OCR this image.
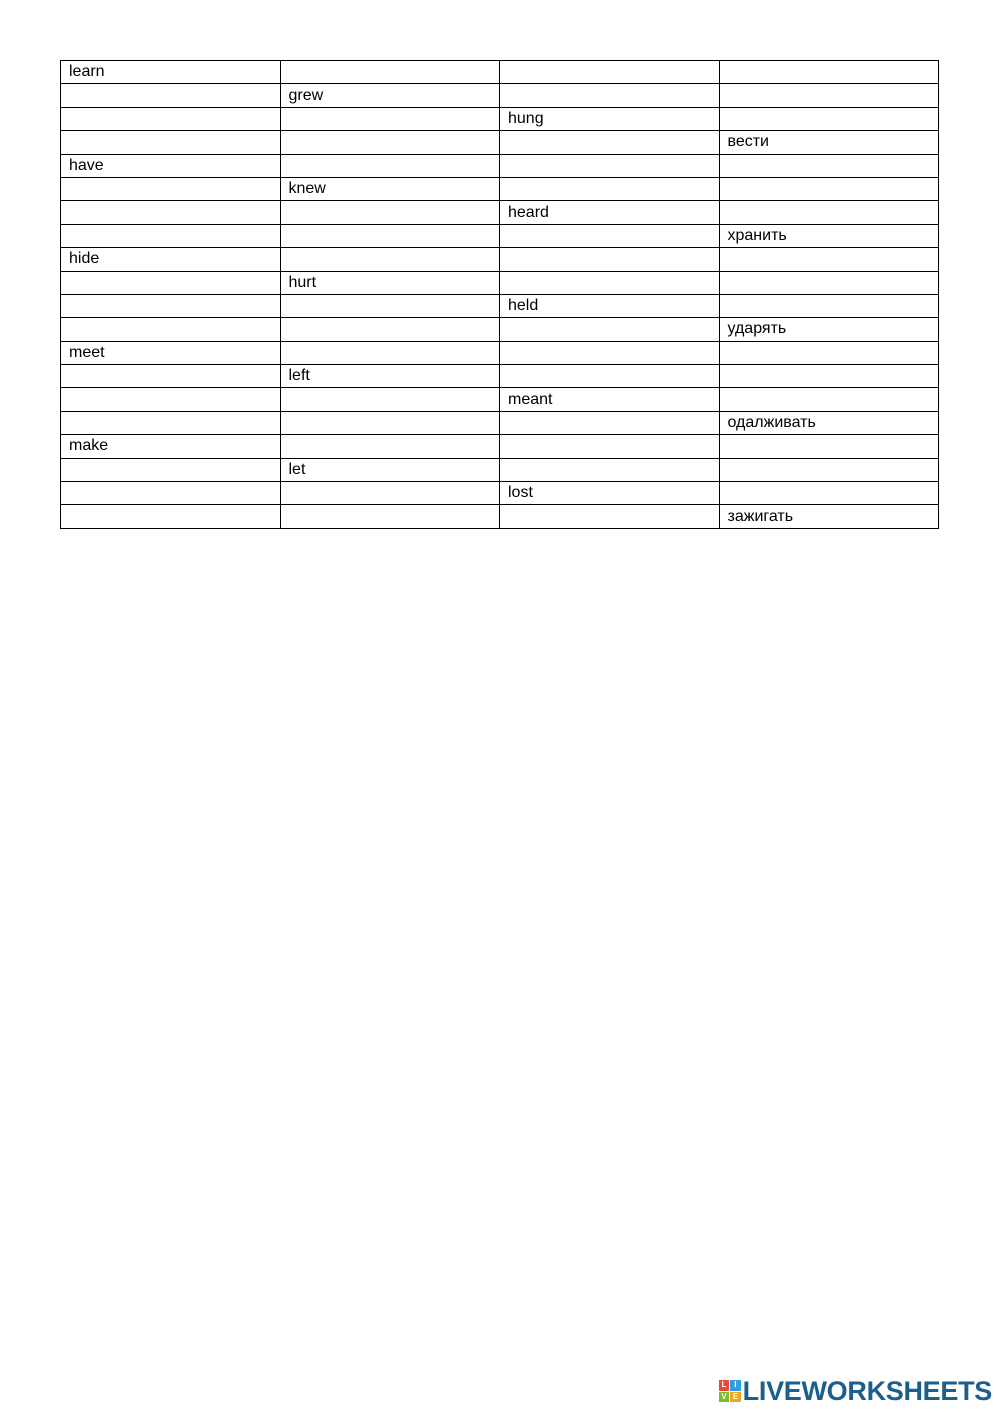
learn			
	grew		
		hung	
			вести
have			
	knew		
		heard	
			хранить
hide			
	hurt		
		held	
			ударять
meet			
	left		
		meant	
			одалживать
make			
	let		
		lost	
			зажигать
L I
V E LIVEWORKSHEETS
